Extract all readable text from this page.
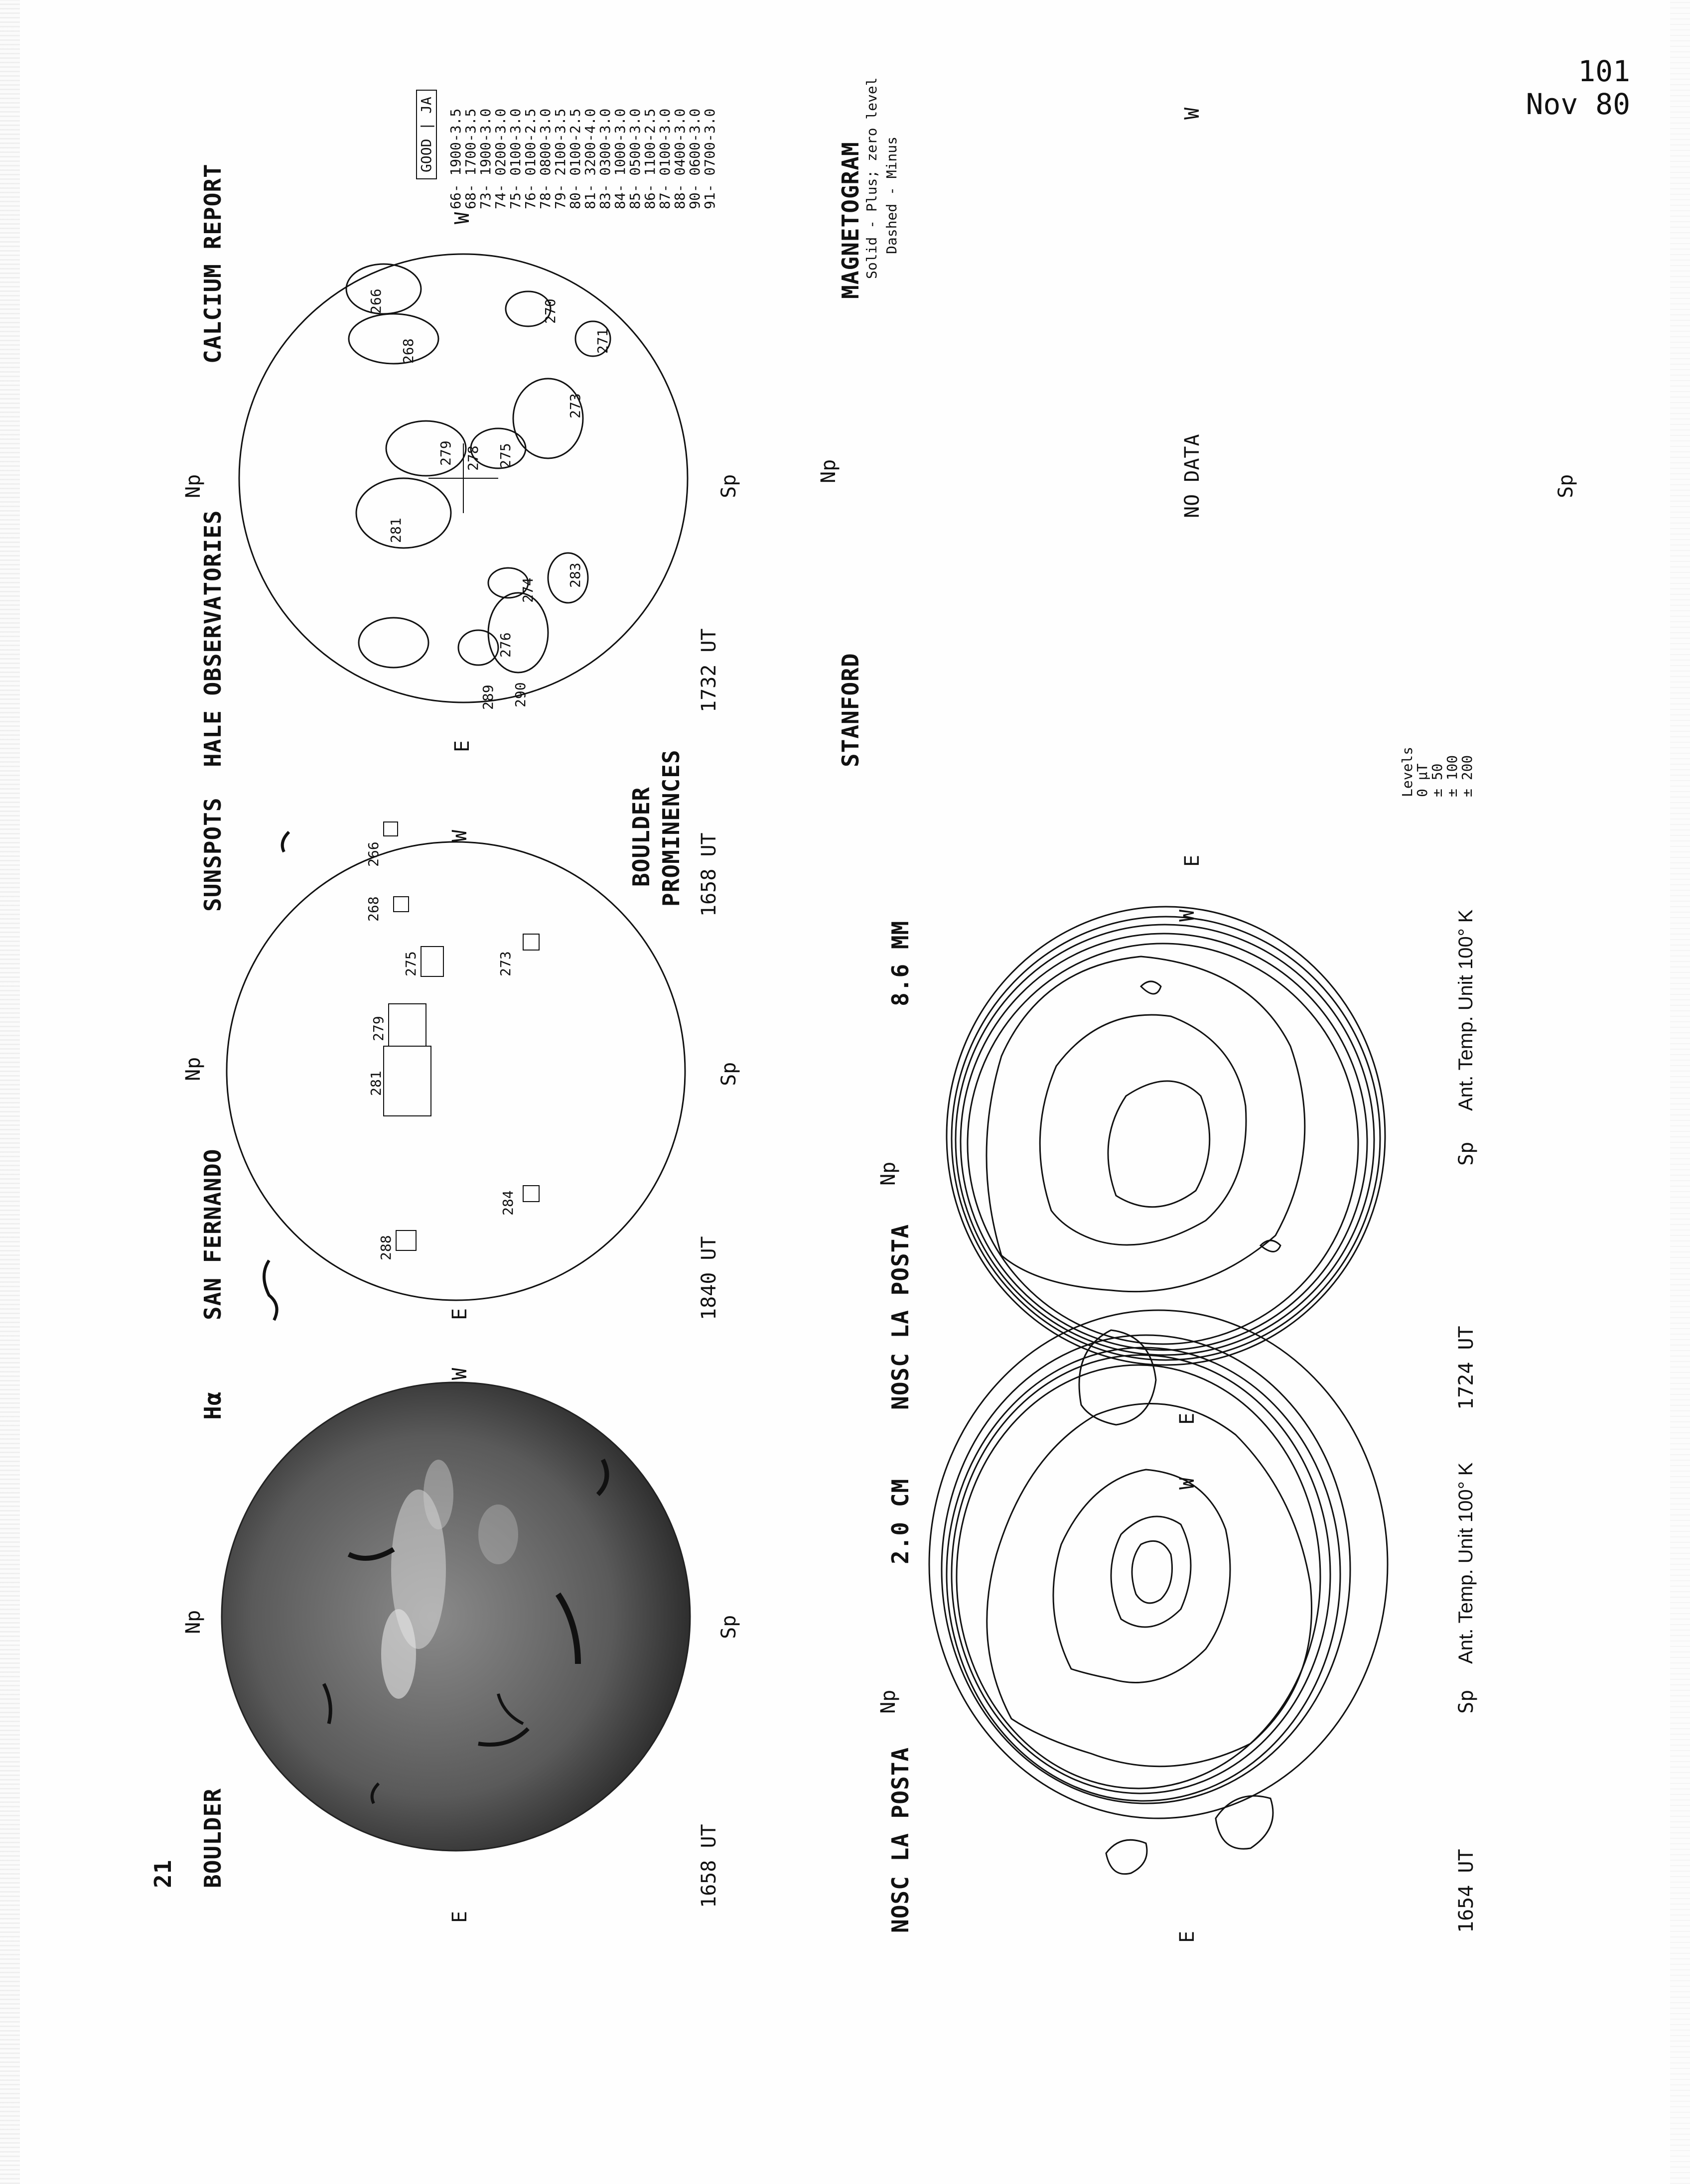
101
Nov 80
21 BOULDER
Hα
Np	Sp
E
W
1658 UT
SAN FERNANDO
SUNSPOTS
Np	Sp
E
W
1840 UT
BOULDER PROMINENCES 1658 UT
288
284
281
279
275	273
268
266
HALE OBSERVATORIES
CALCIUM REPORT
Np	Sp
E
W
1732 UT
GOOD | JA
66- 1900-3.5
68- 1700-3.5
73- 1900-3.0
74- 0200-3.0
75- 0100-3.0
76- 0100-2.5
78- 0800-3.0
79- 2100-3.5
80- 0100-2.5
81- 3200-4.0
83- 0300-3.0
84- 1000-3.0
85- 0500-3.0
86- 1100-2.5
87- 0100-3.0
88- 0400-3.0
90- 0600-3.0
91- 0700-3.0
289 290
283
278
281
279
273
268
266	270
271
276
274
275
NOSC LA POSTA
2.0 CM
Np	Sp
E
W
1654 UT
Ant. Temp. Unit 100° K
NOSC LA POSTA
8.6 MM
Np
Sp
E
W
1724 UT
Ant. Temp. Unit 100° K
STANFORD
MAGNETOGRAM Solid - Plus; zero level Dashed - Minus
Np
Sp
E
W
NO DATA
Levels
0 μT
± 50
± 100
± 200
